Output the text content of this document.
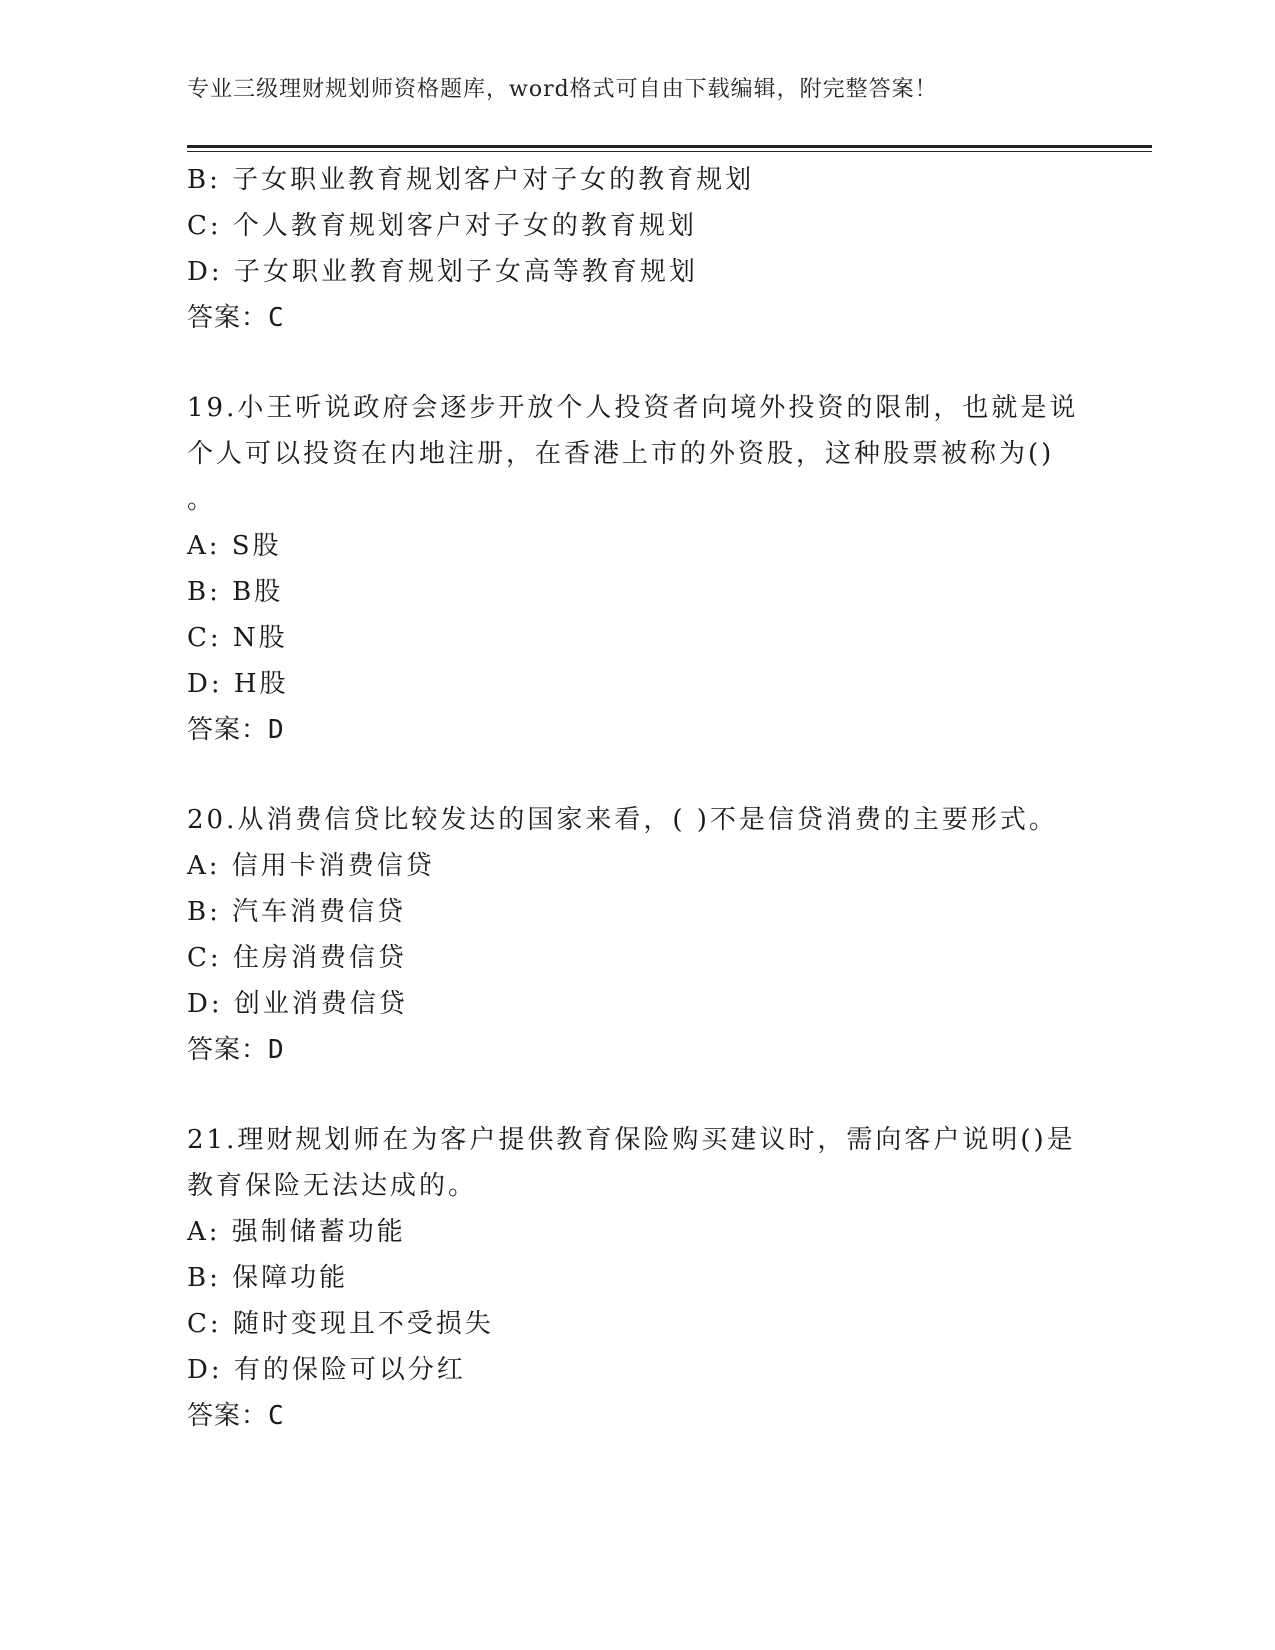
专业三级理财规划师资格题库，word格式可自由下载编辑，附完整答案！
B: 子女职业教育规划客户对子女的教育规划
C: 个人教育规划客户对子女的教育规划
D: 子女职业教育规划子女高等教育规划
答案：C
19.小王听说政府会逐步开放个人投资者向境外投资的限制，也就是说
个人可以投资在内地注册，在香港上市的外资股，这种股票被称为()
。
A: S股
B: B股
C: N股
D: H股
答案：D
20.从消费信贷比较发达的国家来看，( )不是信贷消费的主要形式。
A: 信用卡消费信贷
B: 汽车消费信贷
C: 住房消费信贷
D: 创业消费信贷
答案：D
21.理财规划师在为客户提供教育保险购买建议时，需向客户说明()是
教育保险无法达成的。
A: 强制储蓄功能
B: 保障功能
C: 随时变现且不受损失
D: 有的保险可以分红
答案：C
